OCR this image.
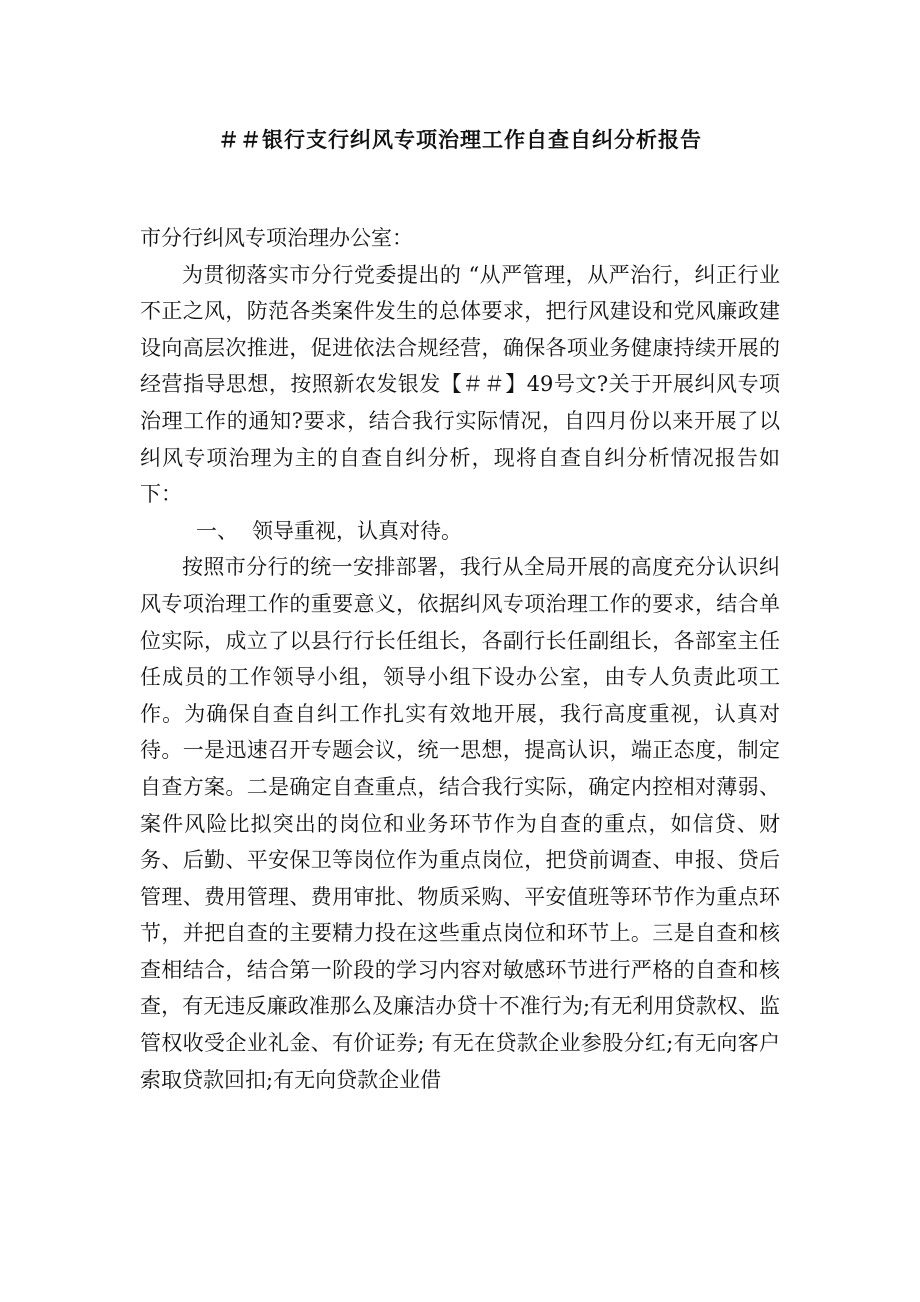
＃＃银行支行纠风专项治理工作自查自纠分析报告

市分行纠风专项治理办公室：

为贯彻落实市分行党委提出的 “从严管理，从严治行，纠正行业不正之风，防范各类案件发生的总体要求，把行风建设和党风廉政建设向高层次推进，促进依法合规经营，确保各项业务健康持续开展的经营指导思想，按照新农发银发【＃＃】49号文?关于开展纠风专项治理工作的通知?要求，结合我行实际情况，自四月份以来开展了以纠风专项治理为主的自查自纠分析，现将自查自纠分析情况报告如下：

一、 领导重视，认真对待。

按照市分行的统一安排部署，我行从全局开展的高度充分认识纠风专项治理工作的重要意义，依据纠风专项治理工作的要求，结合单位实际，成立了以县行行长任组长，各副行长任副组长，各部室主任任成员的工作领导小组，领导小组下设办公室，由专人负责此项工作。为确保自查自纠工作扎实有效地开展，我行高度重视，认真对待。一是迅速召开专题会议，统一思想，提高认识，端正态度，制定自查方案。二是确定自查重点，结合我行实际，确定内控相对薄弱、案件风险比拟突出的岗位和业务环节作为自查的重点，如信贷、财务、后勤、平安保卫等岗位作为重点岗位，把贷前调查、申报、贷后管理、费用管理、费用审批、物质采购、平安值班等环节作为重点环节，并把自查的主要精力投在这些重点岗位和环节上。三是自查和核查相结合，结合第一阶段的学习内容对敏感环节进行严格的自查和核查，有无违反廉政准那么及廉洁办贷十不准行为;有无利用贷款权、监管权收受企业礼金、有价证券; 有无在贷款企业参股分红;有无向客户索取贷款回扣;有无向贷款企业借
